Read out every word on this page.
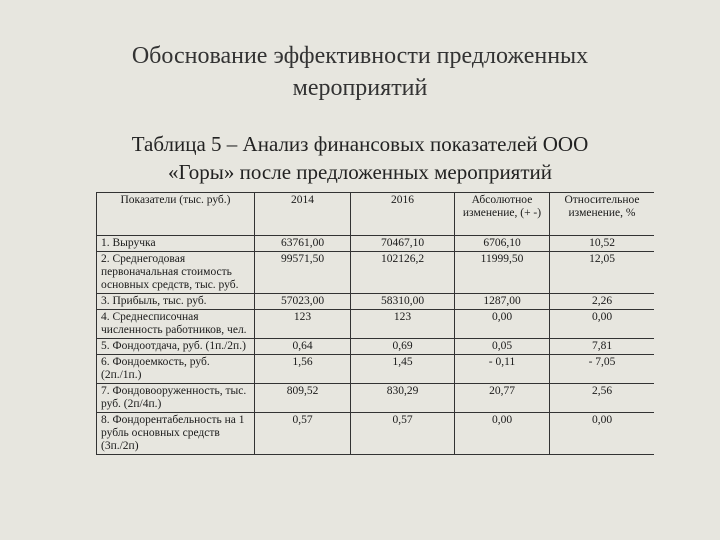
Обоснование эффективности предложенных
мероприятий
Таблица 5 – Анализ финансовых показателей ООО
«Горы» после предложенных мероприятий
Показатели (тыс. руб.)	2014	2016	Абсолютное изменение, (+ -)	Относительное изменение, %
1. Выручка	63761,00	70467,10	6706,10	10,52
2. Среднегодовая первоначальная стоимость основных средств, тыс. руб.	99571,50	102126,2	11999,50	12,05
3. Прибыль, тыс. руб.	57023,00	58310,00	1287,00	2,26
4. Среднесписочная численность работников, чел.	123	123	0,00	0,00
5. Фондоотдача, руб. (1п./2п.)	0,64	0,69	0,05	7,81
6. Фондоемкость, руб. (2п./1п.)	1,56	1,45	- 0,11	- 7,05
7. Фондовооруженность, тыс. руб. (2п/4п.)	809,52	830,29	20,77	2,56
8. Фондорентабельность на 1 рубль основных средств (3п./2п)	0,57	0,57	0,00	0,00
